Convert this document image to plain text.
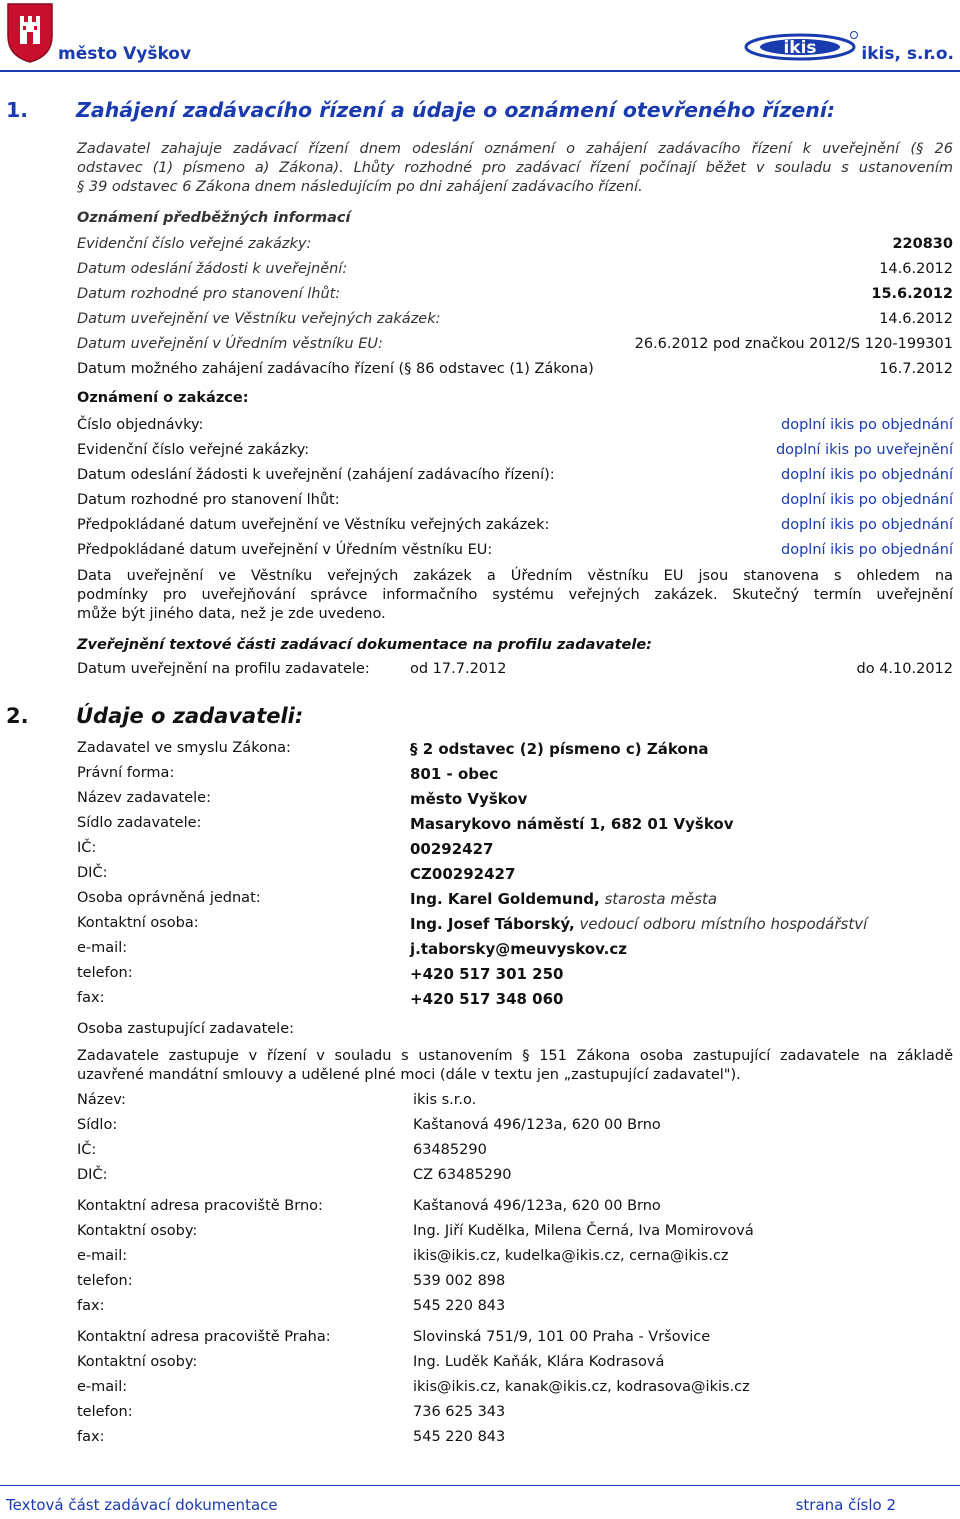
město Vyškov	ikis	ikis, s.r.o.
1. Zahájení zadávacího řízení a údaje o oznámení otevřeného řízení:
Zadavatel zahajuje zadávací řízení dnem odeslání oznámení o zahájení zadávacího řízení k uveřejnění (§ 26
odstavec (1) písmeno a) Zákona). Lhůty rozhodné pro zadávací řízení počínají běžet v souladu s ustanovením
§ 39 odstavec 6 Zákona dnem následujícím po dni zahájení zadávacího řízení.
Oznámení předběžných informací
Evidenční číslo veřejné zakázky:	220830
Datum odeslání žádosti k uveřejnění:	14.6.2012
Datum rozhodné pro stanovení lhůt:	15.6.2012
Datum uveřejnění ve Věstníku veřejných zakázek:	14.6.2012
Datum uveřejnění v Úředním věstníku EU:	26.6.2012 pod značkou 2012/S 120-199301
Datum možného zahájení zadávacího řízení (§ 86 odstavec (1) Zákona)	16.7.2012
Oznámení o zakázce:
Číslo objednávky:	doplní ikis po objednání
Evidenční číslo veřejné zakázky:	doplní ikis po uveřejnění
Datum odeslání žádosti k uveřejnění (zahájení zadávacího řízení):	doplní ikis po objednání
Datum rozhodné pro stanovení lhůt:	doplní ikis po objednání
Předpokládané datum uveřejnění ve Věstníku veřejných zakázek:	doplní ikis po objednání
Předpokládané datum uveřejnění v Úředním věstníku EU:	doplní ikis po objednání
Data uveřejnění ve Věstníku veřejných zakázek a Úředním věstníku EU jsou stanovena s ohledem na
podmínky pro uveřejňování správce informačního systému veřejných zakázek. Skutečný termín uveřejnění
může být jiného data, než je zde uvedeno.
Zveřejnění textové části zadávací dokumentace na profilu zadavatele:
Datum uveřejnění na profilu zadavatele:	od 17.7.2012	do 4.10.2012
2. Údaje o zadavateli:
Zadavatel ve smyslu Zákona:	§ 2 odstavec (2) písmeno c) Zákona
Právní forma:	801 - obec
Název zadavatele:	město Vyškov
Sídlo zadavatele:	Masarykovo náměstí 1, 682 01 Vyškov
IČ:	00292427
DIČ:	CZ00292427
Osoba oprávněná jednat:	Ing. Karel Goldemund, starosta města
Kontaktní osoba:	Ing. Josef Táborský, vedoucí odboru místního hospodářství
e-mail:	j.taborsky@meuvyskov.cz
telefon:	+420 517 301 250
fax:	+420 517 348 060
Osoba zastupující zadavatele:
Zadavatele zastupuje v řízení v souladu s ustanovením § 151 Zákona osoba zastupující zadavatele na základě
uzavřené mandátní smlouvy a udělené plné moci (dále v textu jen „zastupující zadavatel").
Název:	ikis s.r.o.
Sídlo:	Kaštanová 496/123a, 620 00 Brno
IČ:	63485290
DIČ:	CZ 63485290
Kontaktní adresa pracoviště Brno:	Kaštanová 496/123a, 620 00 Brno
Kontaktní osoby:	Ing. Jiří Kudělka, Milena Černá, Iva Momirovová
e-mail:	ikis@ikis.cz, kudelka@ikis.cz, cerna@ikis.cz
telefon:	539 002 898
fax:	545 220 843
Kontaktní adresa pracoviště Praha:	Slovinská 751/9, 101 00 Praha - Vršovice
Kontaktní osoby:	Ing. Luděk Kaňák, Klára Kodrasová
e-mail:	ikis@ikis.cz, kanak@ikis.cz, kodrasova@ikis.cz
telefon:	736 625 343
fax:	545 220 843
Textová část zadávací dokumentace	strana číslo 2
